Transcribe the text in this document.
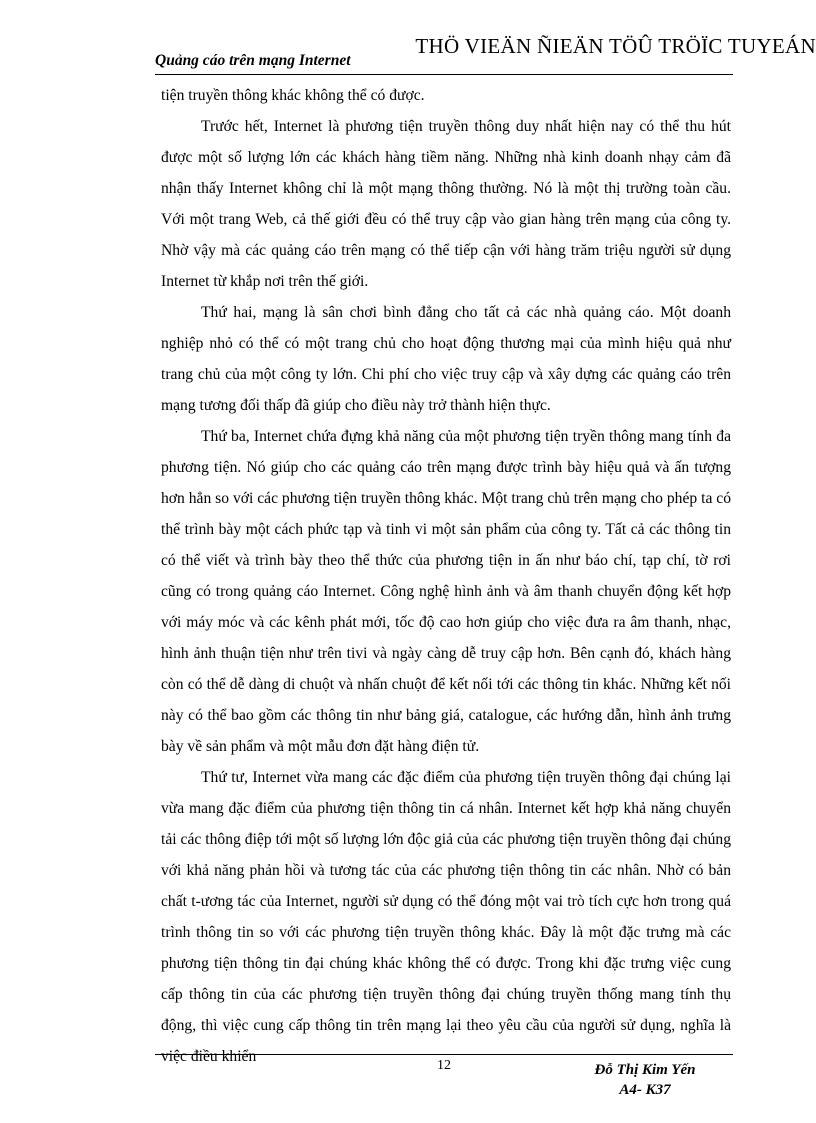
THÖ VIEÄN ÑIEÄN TÖÛ TRÖÏC TUYEÁN
Quảng cáo trên mạng Internet

tiện truyền thông khác không thể có được.

Trước hết, Internet là phương tiện truyền thông duy nhất hiện nay có thể thu hút được một số lượng lớn các khách hàng tiềm năng. Những nhà kinh doanh nhạy cảm đã nhận thấy Internet không chỉ là một mạng thông thường. Nó là một thị trường toàn cầu. Với một trang Web, cả thế giới đều có thể truy cập vào gian hàng trên mạng của công ty. Nhờ vậy mà các quảng cáo trên mạng có thể tiếp cận với hàng trăm triệu người sử dụng Internet từ khắp nơi trên thế giới.

Thứ hai, mạng là sân chơi bình đẳng cho tất cả các nhà quảng cáo. Một doanh nghiệp nhỏ có thể có một trang chủ cho hoạt động thương mại của mình hiệu quả như trang chủ của một công ty lớn. Chi phí cho việc truy cập và xây dựng các quảng cáo trên mạng tương đối thấp đã giúp cho điều này trở thành hiện thực.

Thứ ba, Internet chứa đựng khả năng của một phương tiện tryền thông mang tính đa phương tiện. Nó giúp cho các quảng cáo trên mạng được trình bày hiệu quả và ấn tượng hơn hẳn so với các phương tiện truyền thông khác. Một trang chủ trên mạng cho phép ta có thể trình bày một cách phức tạp và tinh vi một sản phẩm của công ty. Tất cả các thông tin có thể viết và trình bày theo thể thức của phương tiện in ấn như báo chí, tạp chí, tờ rơi cũng có trong quảng cáo Internet. Công nghệ hình ảnh và âm thanh chuyển động kết hợp với máy móc và các kênh phát mới, tốc độ cao hơn giúp cho việc đưa ra âm thanh, nhạc, hình ảnh thuận tiện như trên tivi và ngày càng dễ truy cập hơn. Bên cạnh đó, khách hàng còn có thể dễ dàng di chuột và nhấn chuột để kết nối tới các thông tin khác. Những kết nối này có thể bao gồm các thông tin như bảng giá, catalogue, các hướng dẫn, hình ảnh trưng bày về sản phẩm và một mẫu đơn đặt hàng điện tử.

Thứ tư, Internet vừa mang các đặc điểm của phương tiện truyền thông đại chúng lại vừa mang đặc điểm của phương tiện thông tin cá nhân. Internet kết hợp khả năng chuyển tải các thông điệp tới một số lượng lớn độc giả của các phương tiện truyền thông đại chúng với khả năng phản hồi và tương tác của các phương tiện thông tin các nhân. Nhờ có bản chất t-ương tác của Internet, người sử dụng có thể đóng một vai trò tích cực hơn trong quá trình thông tin so với các phương tiện truyền thông khác. Đây là một đặc trưng mà các phương tiện thông tin đại chúng khác không thể có được. Trong khi đặc trưng việc cung cấp thông tin của các phương tiện truyền thông đại chúng truyền thống mang tính thụ động, thì việc cung cấp thông tin trên mạng lại theo yêu cầu của người sử dụng, nghĩa là việc điều khiển

12	Đỗ Thị Kim Yến
A4- K37
